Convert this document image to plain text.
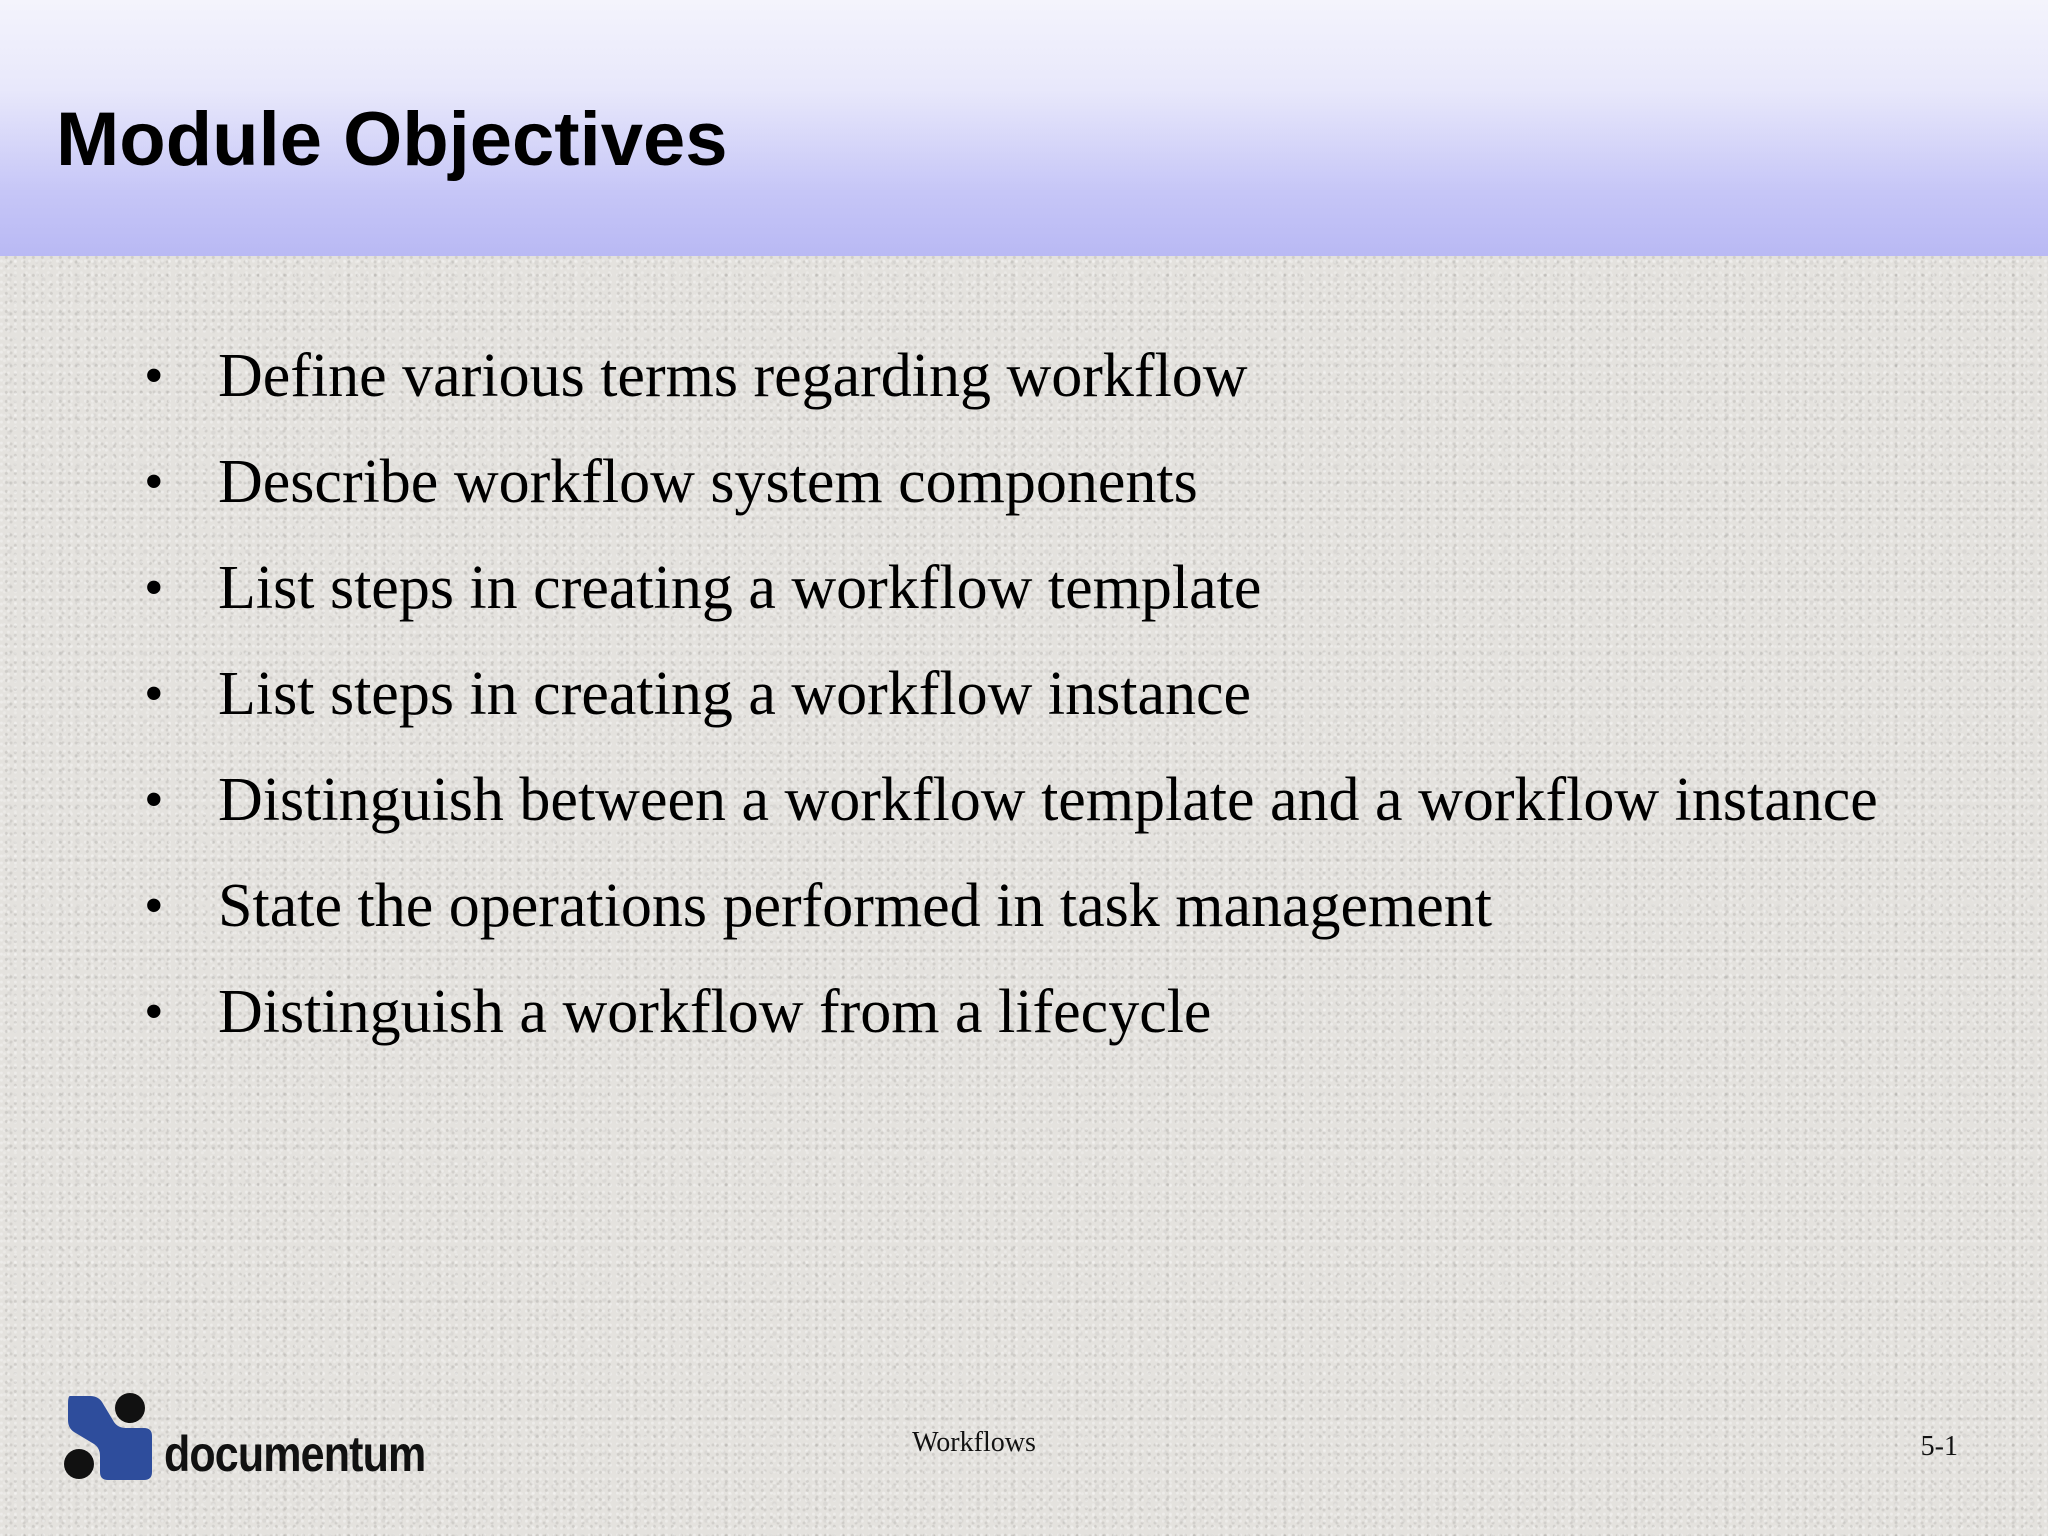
Module Objectives
• Define various terms regarding workflow
• Describe workflow system components
• List steps in creating a workflow template
• List steps in creating a workflow instance
• Distinguish between a workflow template and a workflow instance
• State the operations performed in task management
• Distinguish a workflow from a lifecycle
documentum	Workflows	5-1
